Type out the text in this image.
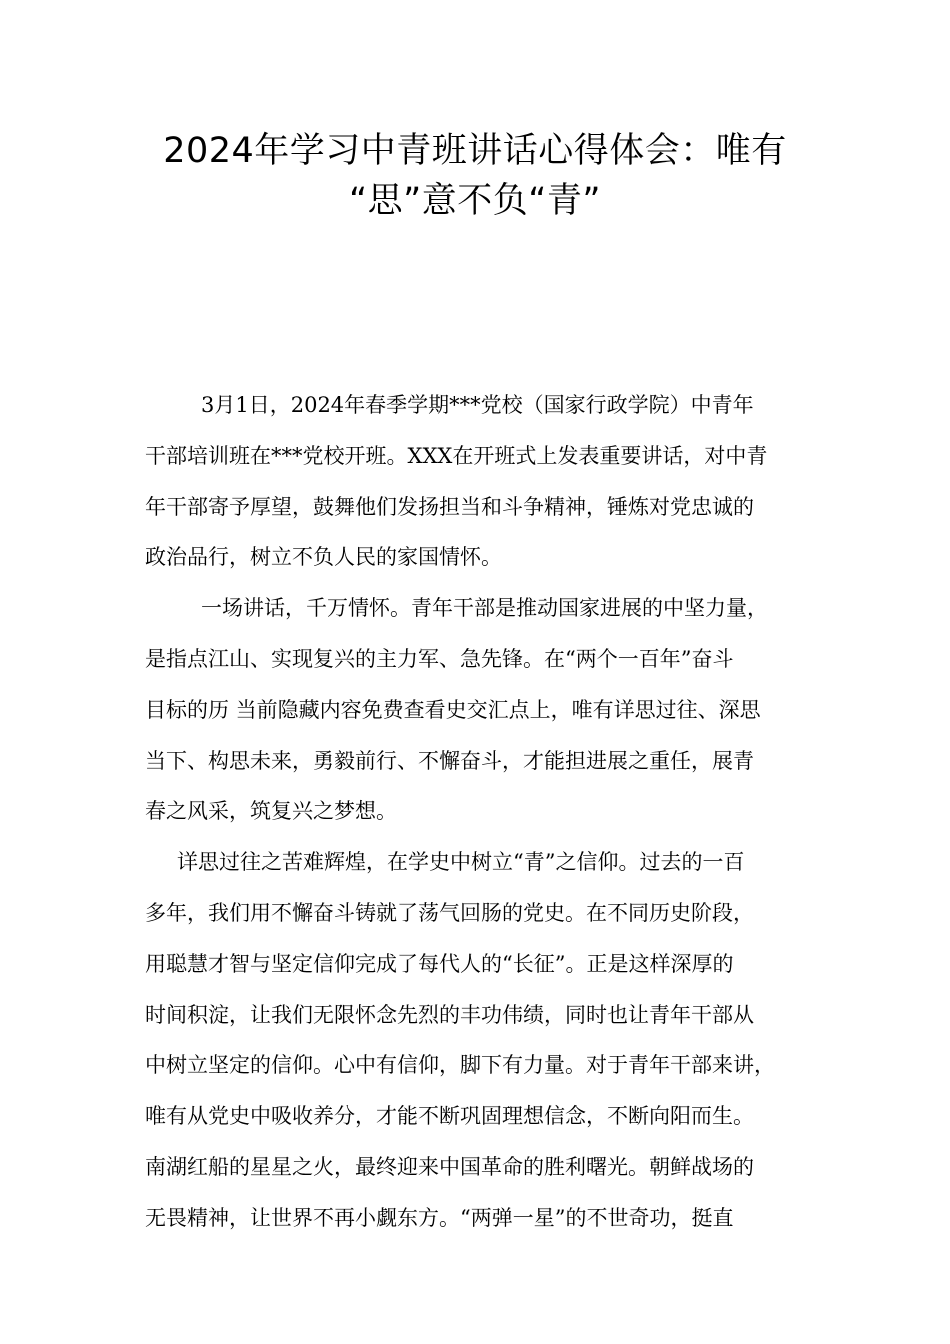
2024年学习中青班讲话心得体会：唯有
“思”意不负“青”

3月1日，2024年春季学期***党校（国家行政学院）中青年
干部培训班在***党校开班。XXX在开班式上发表重要讲话，对中青
年干部寄予厚望，鼓舞他们发扬担当和斗争精神，锤炼对党忠诚的
政治品行，树立不负人民的家国情怀。

一场讲话，千万情怀。青年干部是推动国家进展的中坚力量，
是指点江山、实现复兴的主力军、急先锋。在“两个一百年”奋斗
目标的历 当前隐藏内容免费查看史交汇点上，唯有详思过往、深思
当下、构思未来，勇毅前行、不懈奋斗，才能担进展之重任，展青
春之风采，筑复兴之梦想。

详思过往之苦难辉煌，在学史中树立“青”之信仰。过去的一百
多年，我们用不懈奋斗铸就了荡气回肠的党史。在不同历史阶段，
用聪慧才智与坚定信仰完成了每代人的“长征”。正是这样深厚的
时间积淀，让我们无限怀念先烈的丰功伟绩，同时也让青年干部从
中树立坚定的信仰。心中有信仰，脚下有力量。对于青年干部来讲，
唯有从党史中吸收养分，才能不断巩固理想信念，不断向阳而生。
南湖红船的星星之火，最终迎来中国革命的胜利曙光。朝鲜战场的
无畏精神，让世界不再小觑东方。“两弹一星”的不世奇功，挺直
